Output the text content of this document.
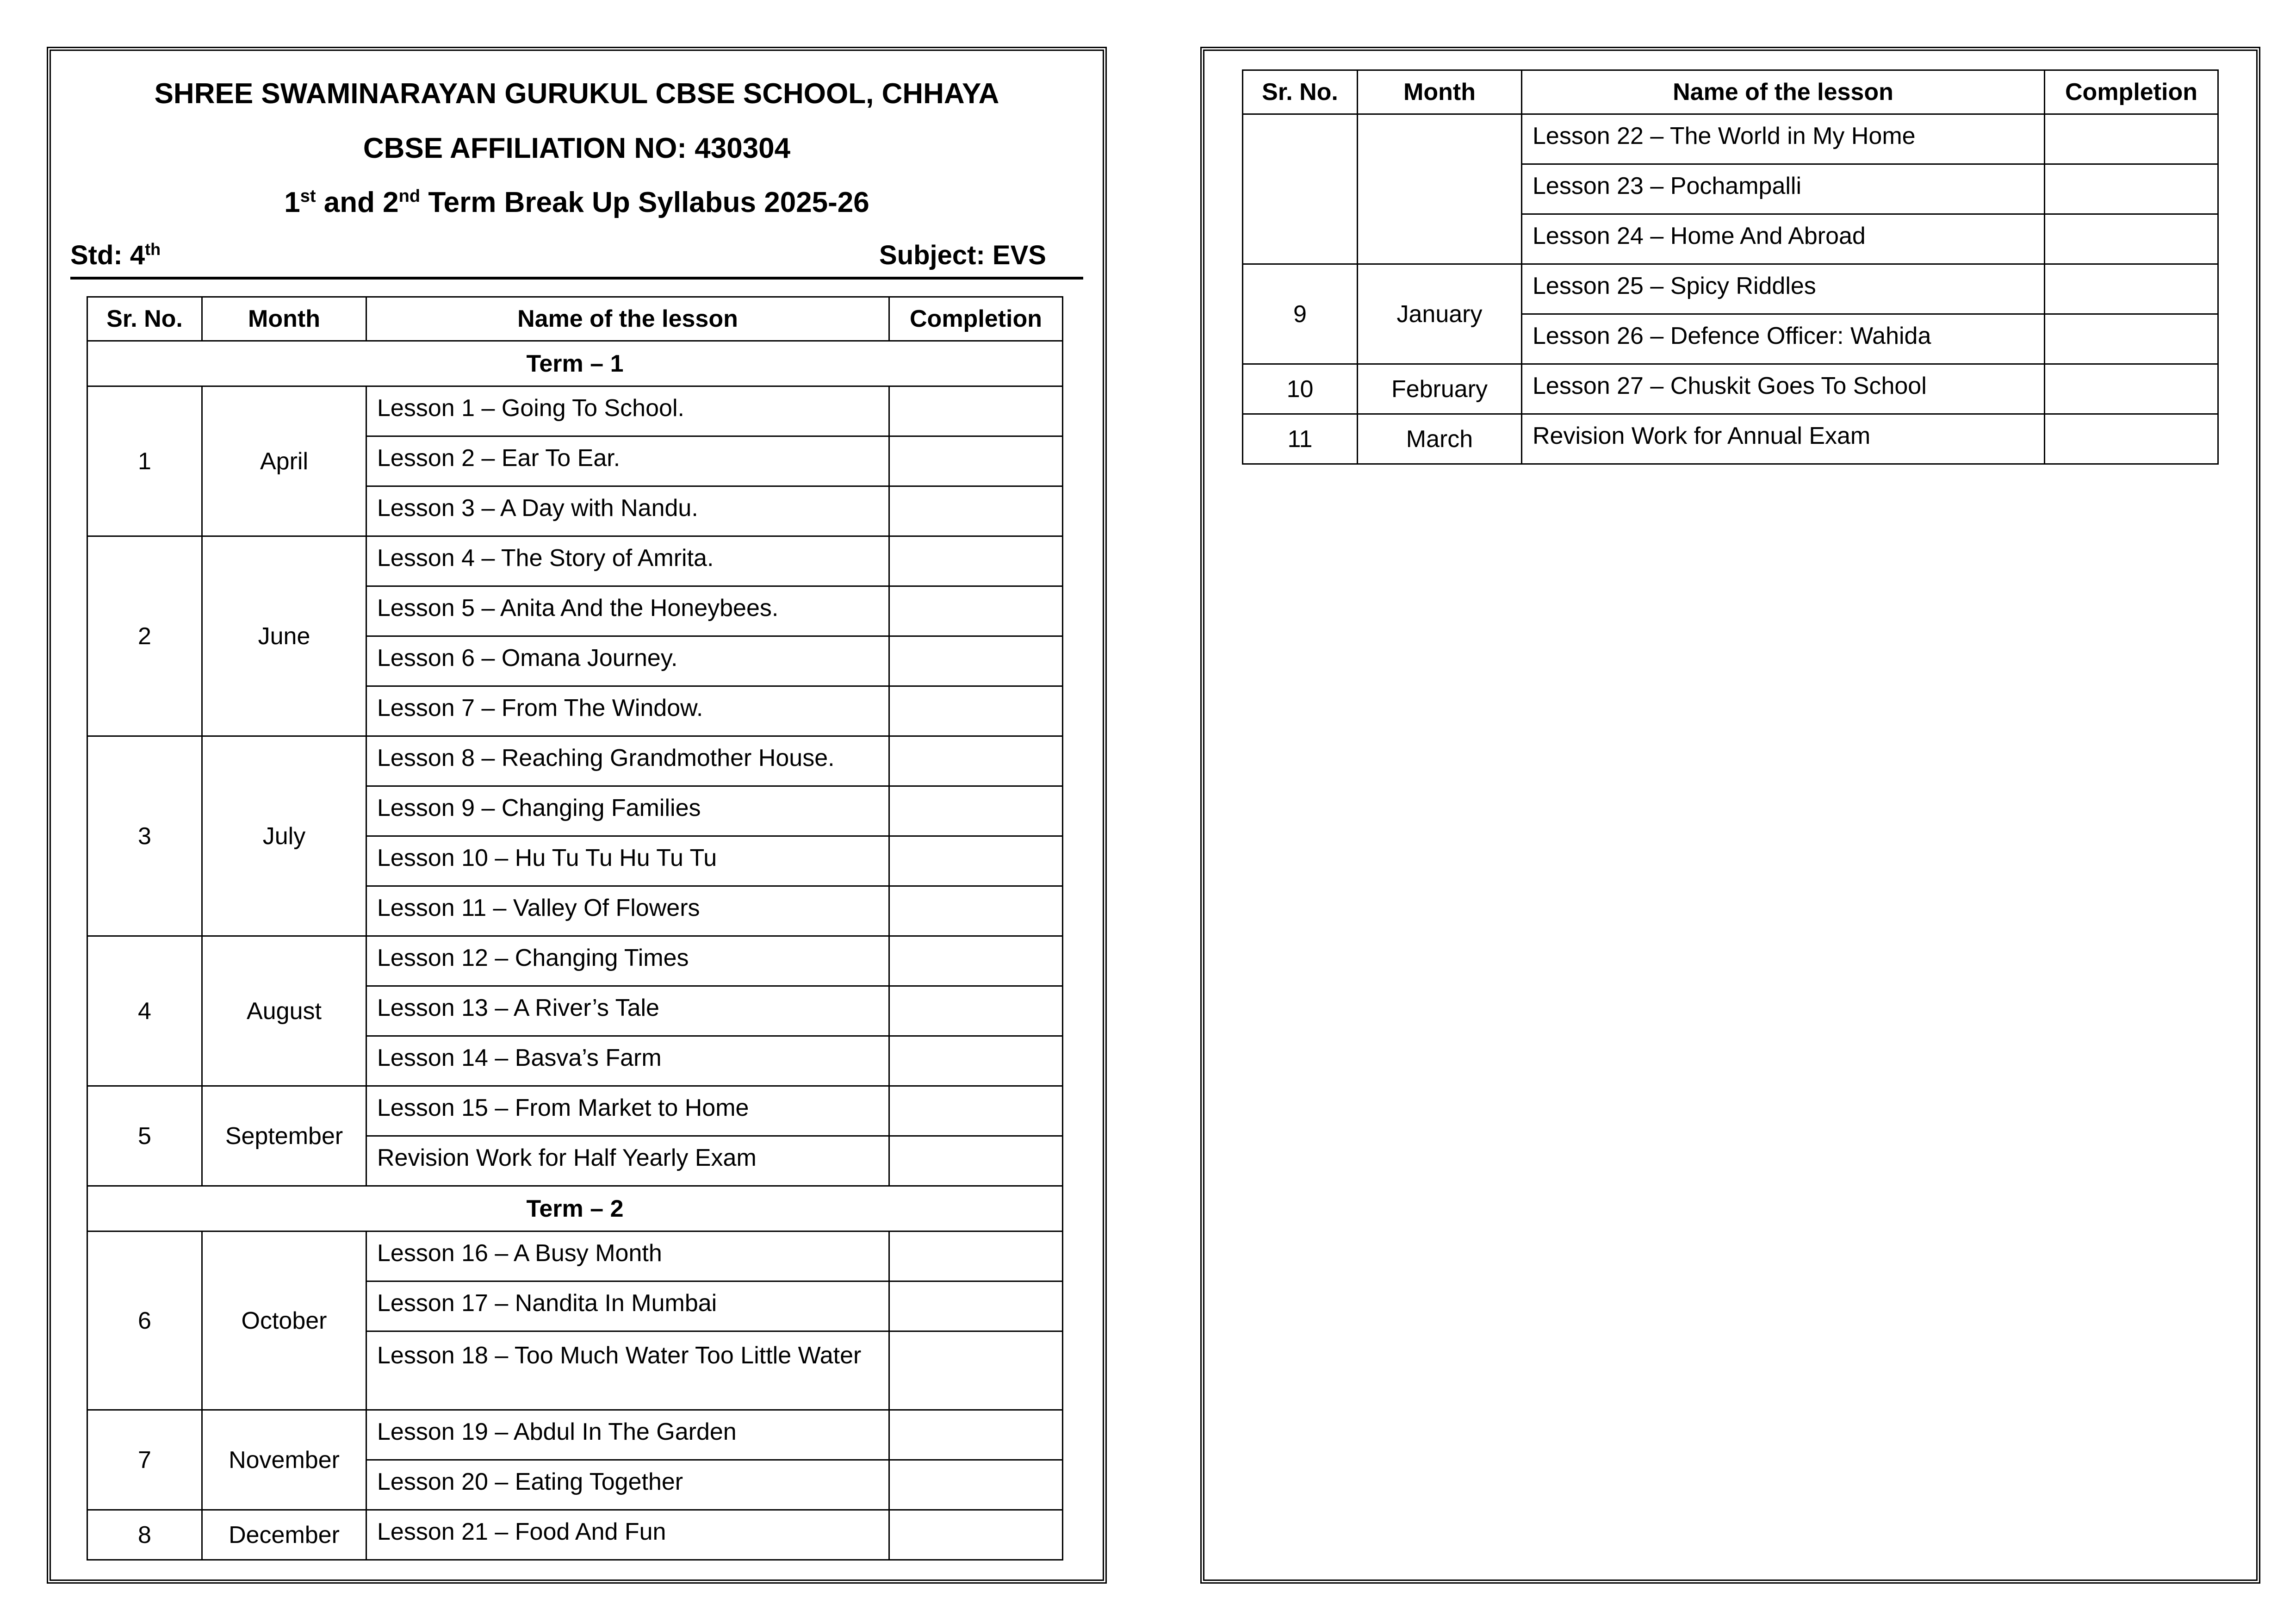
SHREE SWAMINARAYAN GURUKUL CBSE SCHOOL, CHHAYA
CBSE AFFILIATION NO: 430304
1st and 2nd Term Break Up Syllabus 2025-26
Std: 4th	Subject: EVS
Sr. No.	Month	Name of the lesson	Completion
Term – 1			
1	April	Lesson 1 – Going To School.	
		Lesson 2 – Ear To Ear.	
		Lesson 3 – A Day with Nandu.	
2	June	Lesson 4 – The Story of Amrita.	
		Lesson 5 – Anita And the Honeybees.	
		Lesson 6 – Omana Journey.	
		Lesson 7 – From The Window.	
3	July	Lesson 8 – Reaching Grandmother House.	
		Lesson 9 – Changing Families	
		Lesson 10 – Hu Tu Tu Hu Tu Tu	
		Lesson 11 – Valley Of Flowers	
4	August	Lesson 12 – Changing Times	
		Lesson 13 – A River’s Tale	
		Lesson 14 – Basva’s Farm	
5	September	Lesson 15 – From Market to Home	
		Revision Work for Half Yearly Exam	
Term – 2			
6	October	Lesson 16 – A Busy Month	
		Lesson 17 – Nandita In Mumbai	
		Lesson 18 – Too Much Water Too Little Water	
7	November	Lesson 19 – Abdul In The Garden	
		Lesson 20 – Eating Together	
8	December	Lesson 21 – Food And Fun	
Sr. No.	Month	Name of the lesson	Completion
		Lesson 22 – The World in My Home	
		Lesson 23 – Pochampalli	
		Lesson 24 – Home And Abroad	
9	January	Lesson 25 – Spicy Riddles	
		Lesson 26 – Defence Officer: Wahida	
10	February	Lesson 27 – Chuskit Goes To School	
11	March	Revision Work for Annual Exam	
